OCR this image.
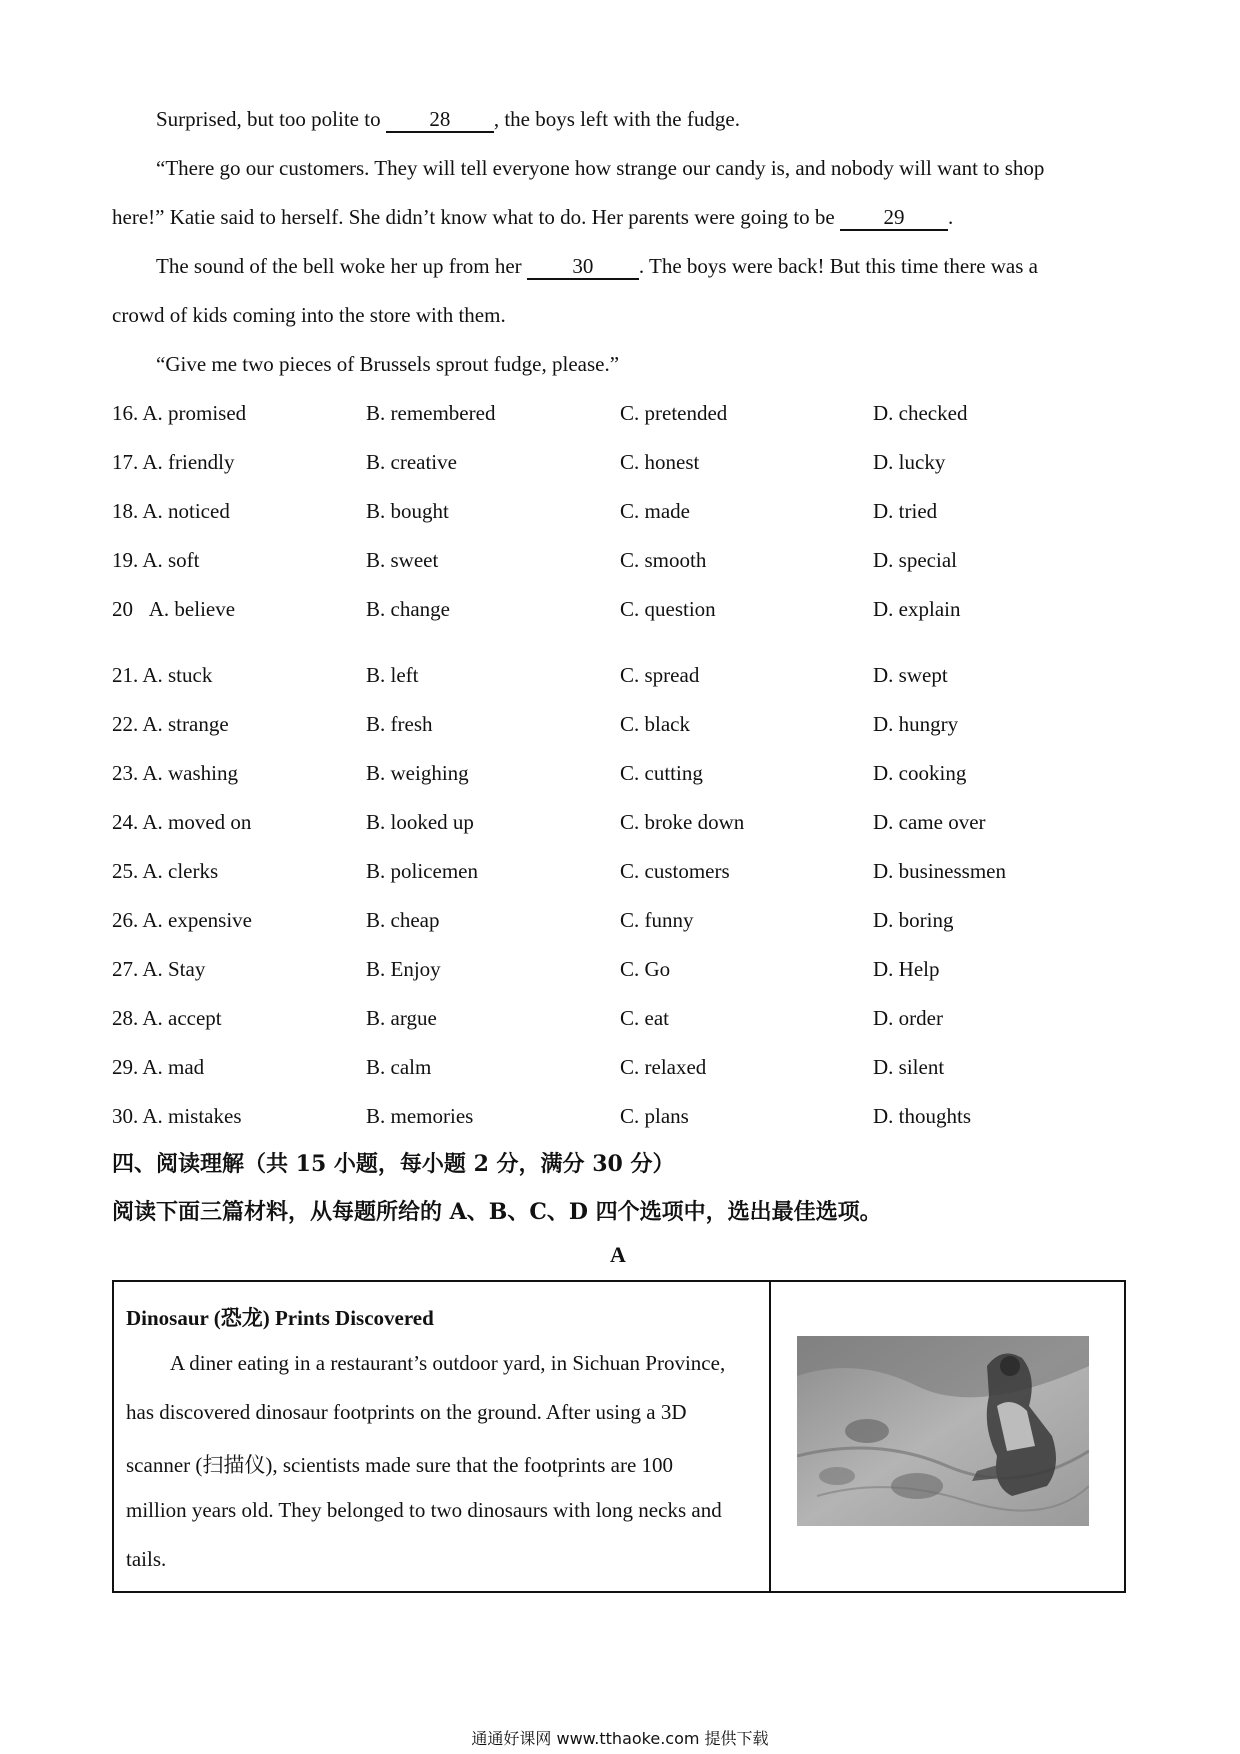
Surprised, but too polite to 28 , the boys left with the fudge.
“There go our customers. They will tell everyone how strange our candy is, and nobody will want to shop
here!” Katie said to herself. She didn’t know what to do. Her parents were going to be 29 .
The sound of the bell woke her up from her 30 . The boys were back! But this time there was a
crowd of kids coming into the store with them.
“Give me two pieces of Brussels sprout fudge, please.”
16. A. promised	B. remembered	C. pretended	D. checked
17. A. friendly	B. creative	C. honest	D. lucky
18. A. noticed	B. bought	C. made	D. tried
19. A. soft	B. sweet	C. smooth	D. special
20   A. believe	B. change	C. question	D. explain
21. A. stuck	B. left	C. spread	D. swept
22. A. strange	B. fresh	C. black	D. hungry
23. A. washing	B. weighing	C. cutting	D. cooking
24. A. moved on	B. looked up	C. broke down	D. came over
25. A. clerks	B. policemen	C. customers	D. businessmen
26. A. expensive	B. cheap	C. funny	D. boring
27. A. Stay	B. Enjoy	C. Go	D. Help
28. A. accept	B. argue	C. eat	D. order
29. A. mad	B. calm	C. relaxed	D. silent
30. A. mistakes	B. memories	C. plans	D. thoughts
四、阅读理解（共 15 小题，每小题 2 分，满分 30 分）
阅读下面三篇材料，从每题所给的 A、B、C、D 四个选项中，选出最佳选项。
A
Dinosaur (恐龙) Prints Discovered
A diner eating in a restaurant’s outdoor yard, in Sichuan Province,
has discovered dinosaur footprints on the ground. After using a 3D
scanner (扫描仪), scientists made sure that the footprints are 100
million years old. They belonged to two dinosaurs with long necks and
tails.
通通好课网 www.tthaoke.com 提供下载
